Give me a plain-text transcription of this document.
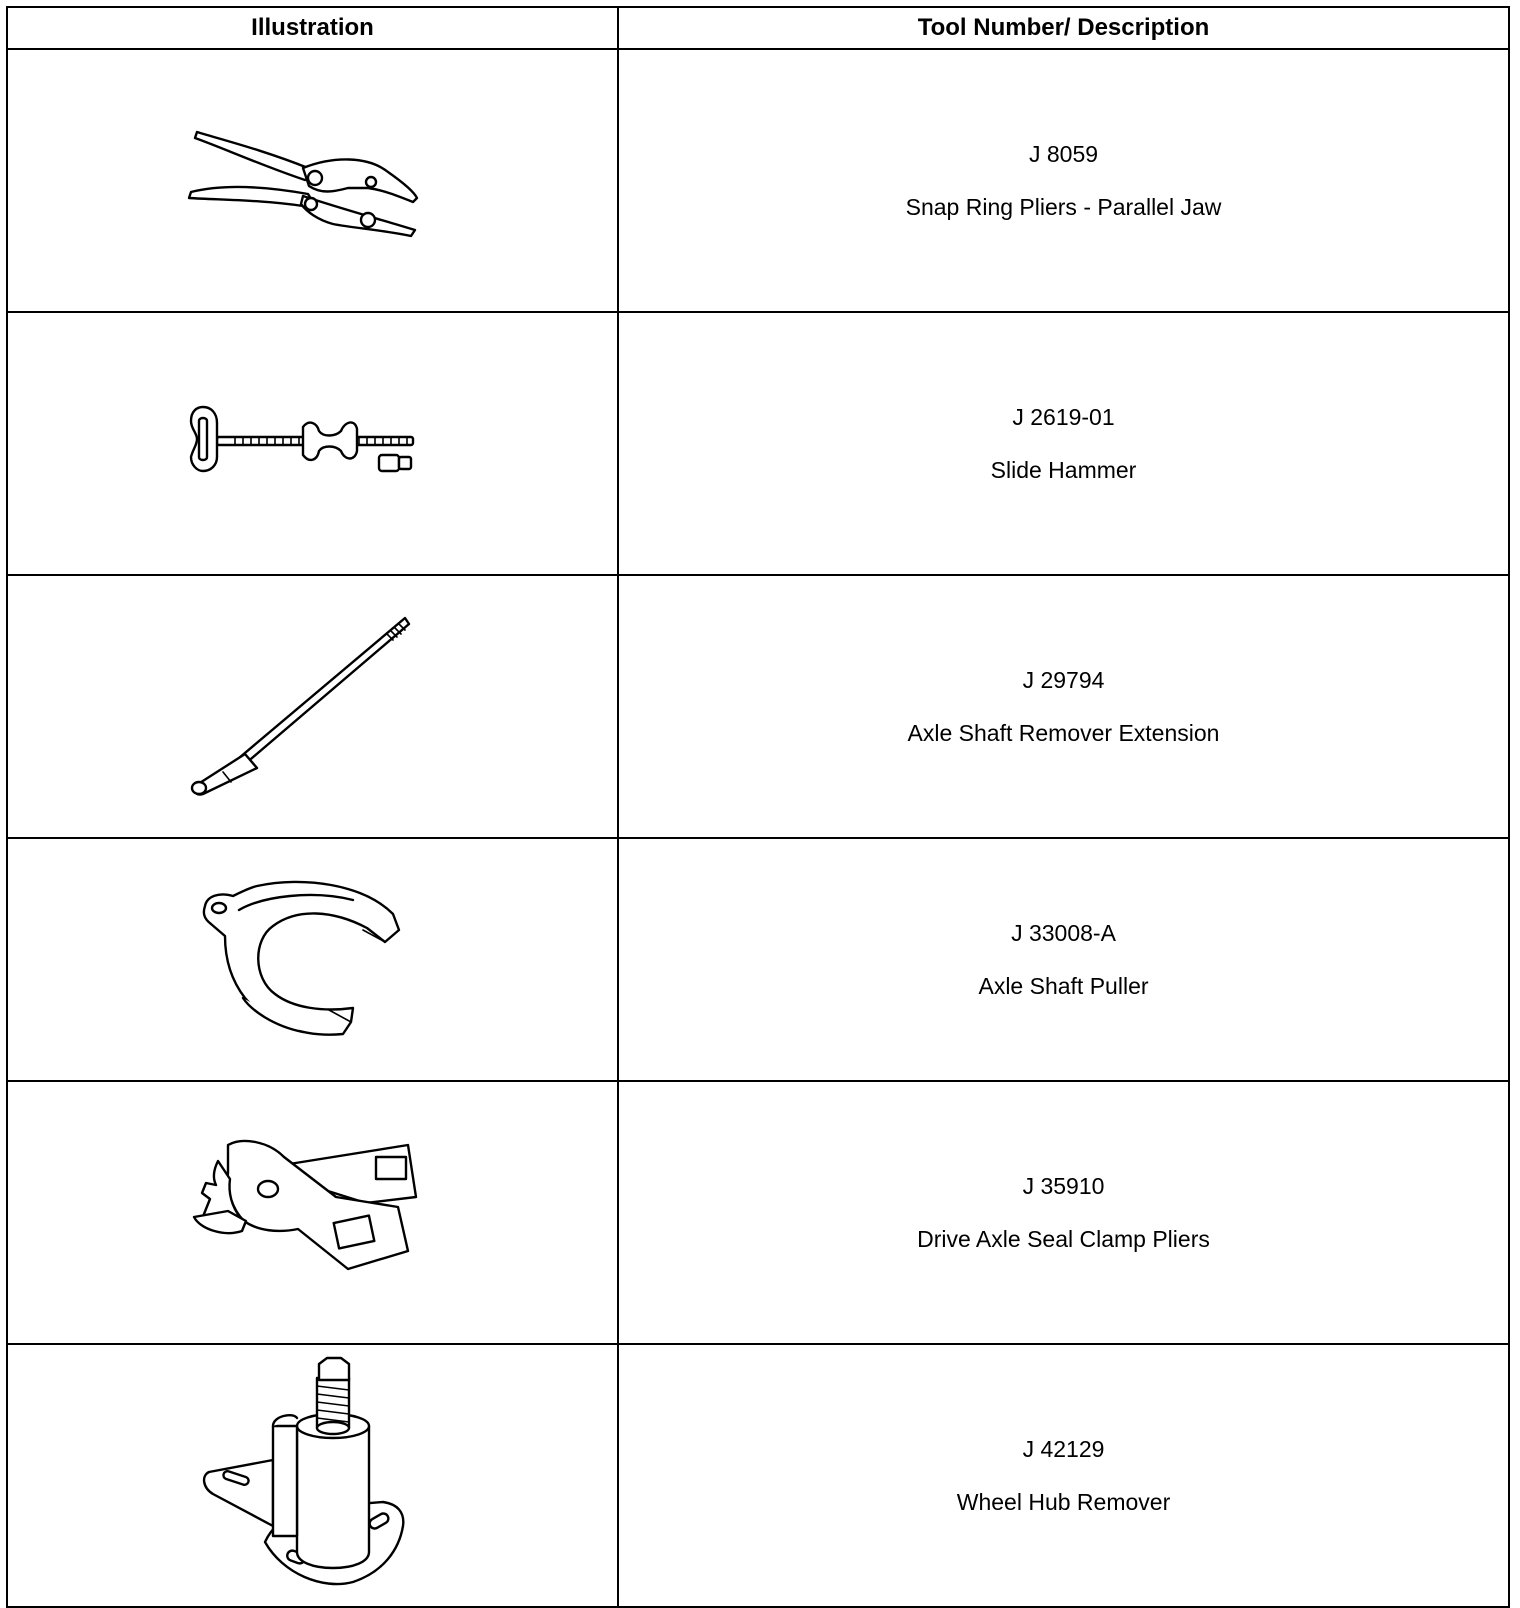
Illustration	Tool Number/ Description

J 8059
Snap Ring Pliers - Parallel Jaw

J 2619-01
Slide Hammer

J 29794
Axle Shaft Remover Extension

J 33008-A
Axle Shaft Puller

J 35910
Drive Axle Seal Clamp Pliers

J 42129
Wheel Hub Remover
